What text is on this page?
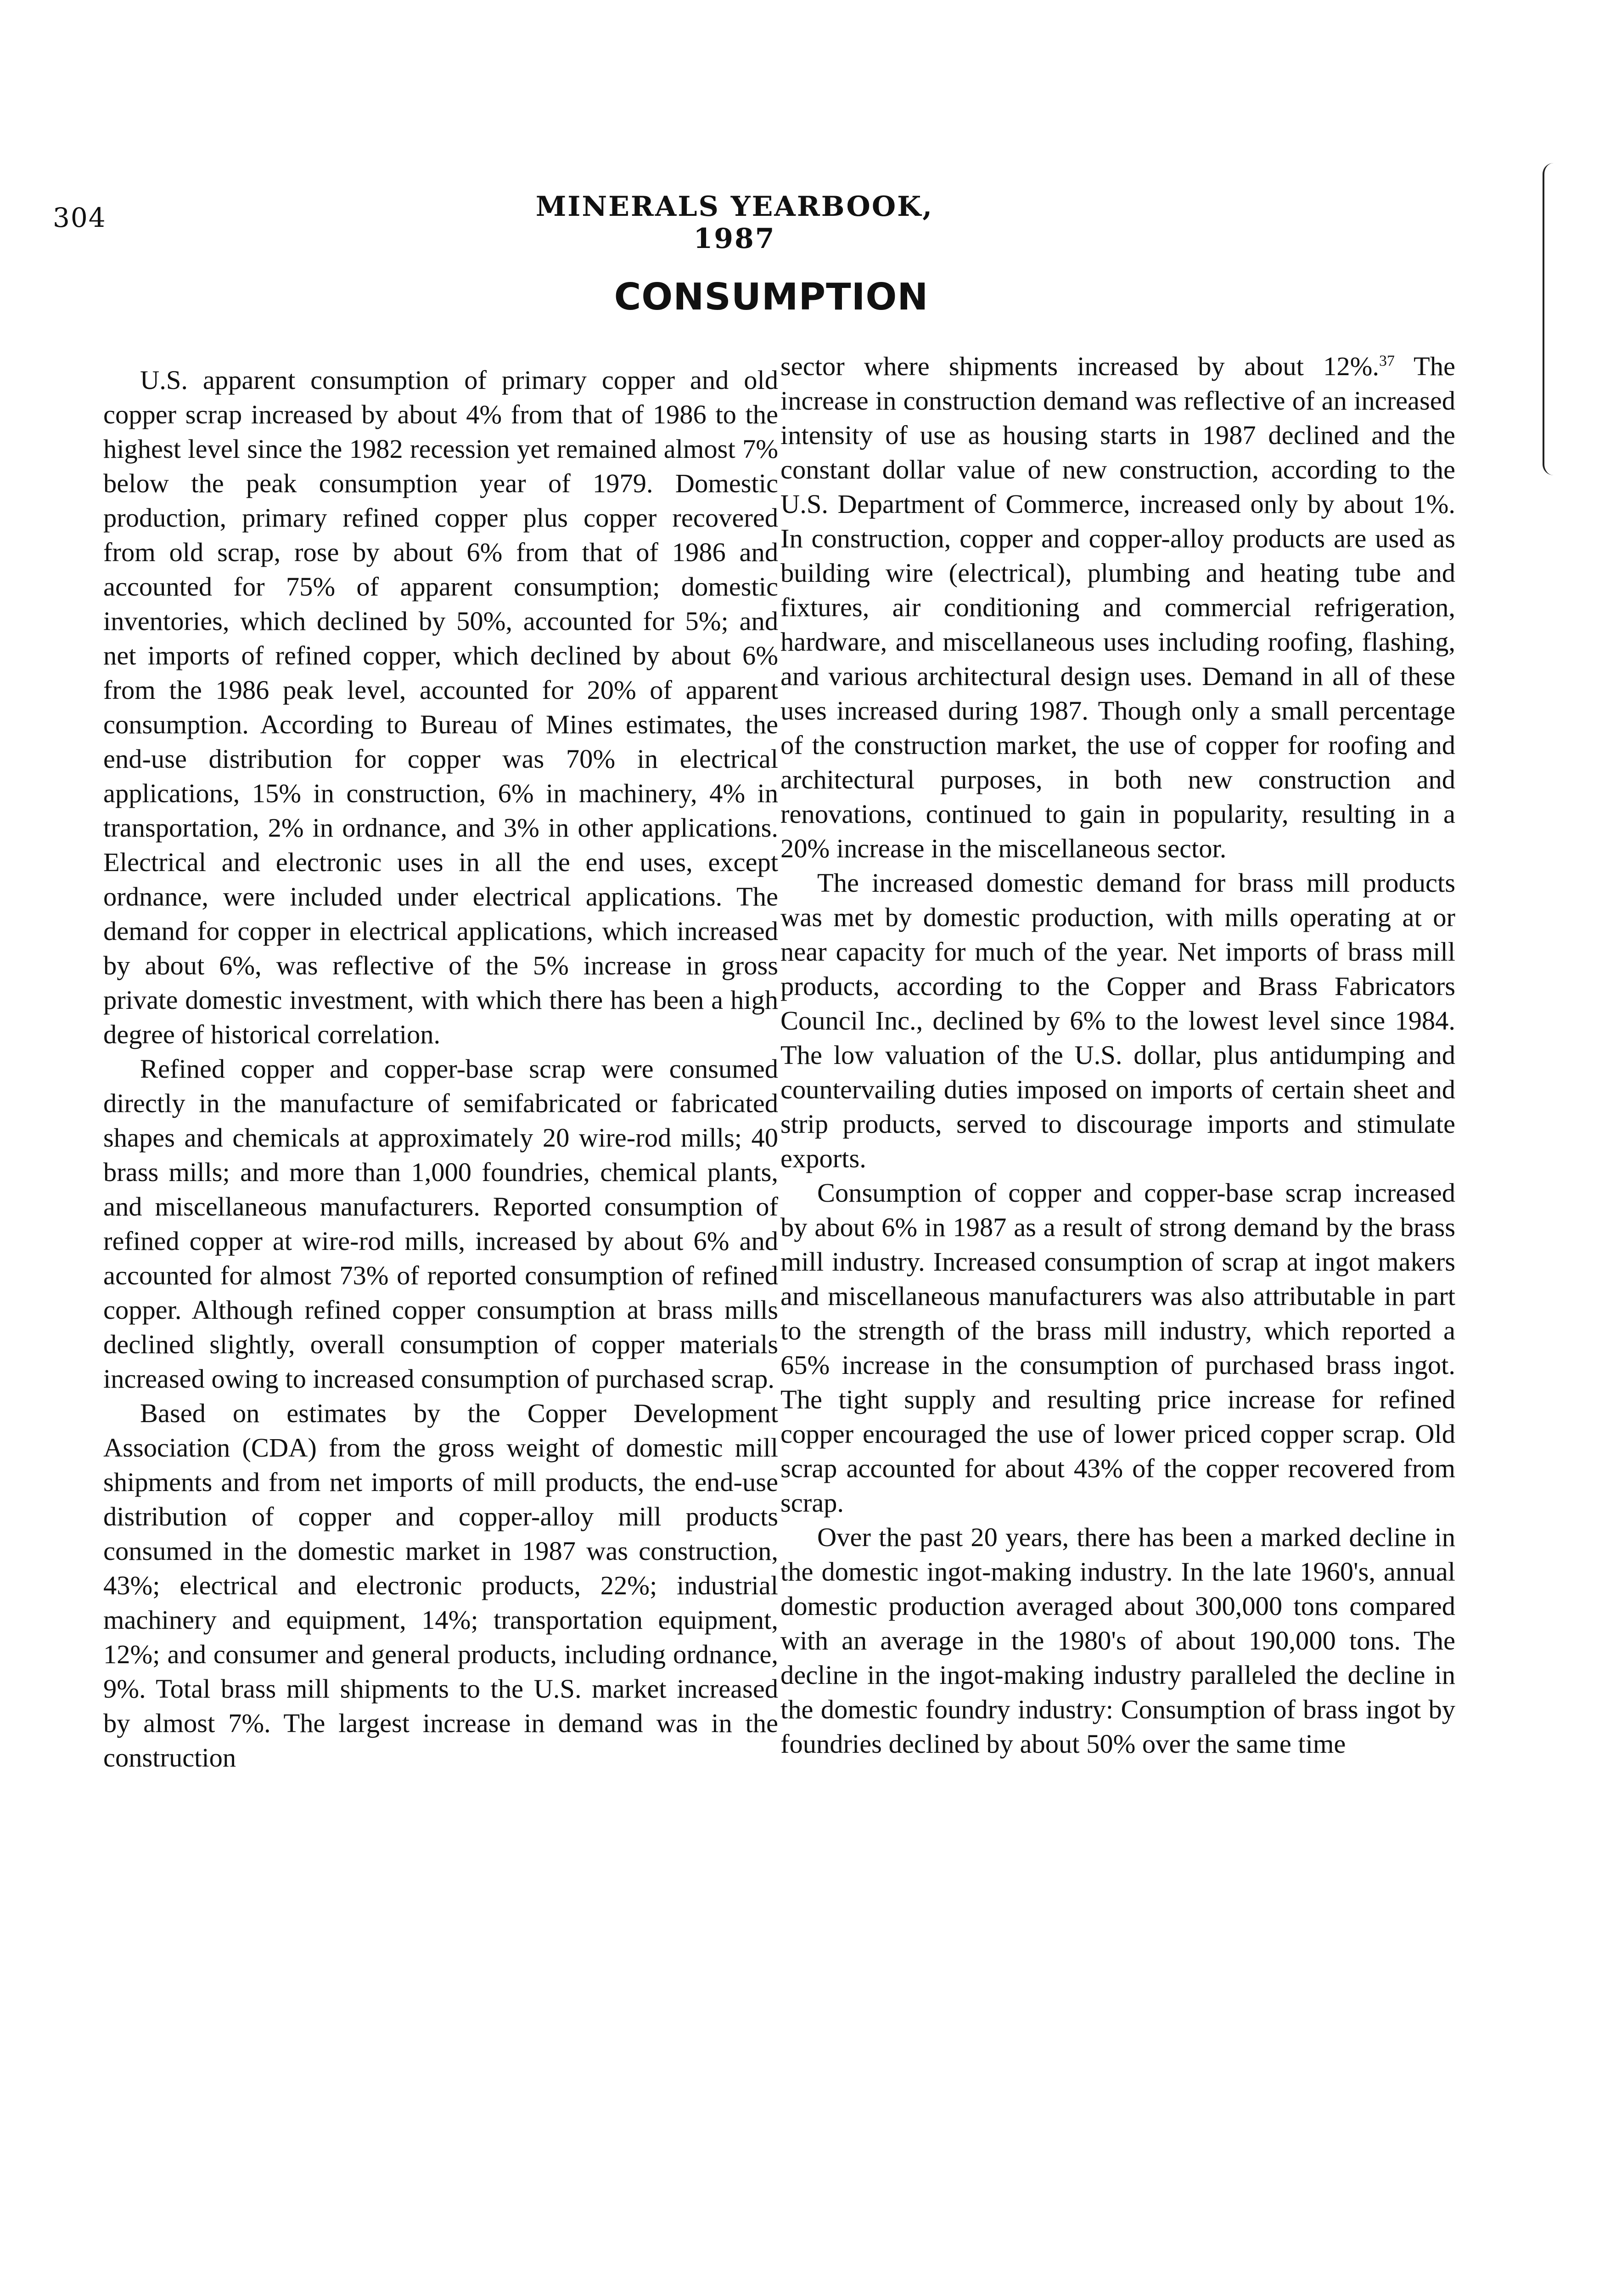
304	MINERALS YEARBOOK, 1987
CONSUMPTION

U.S. apparent consumption of primary copper and old copper scrap increased by about 4% from that of 1986 to the highest level since the 1982 recession yet remained almost 7% below the peak consumption year of 1979. Domestic production, primary refined copper plus copper recovered from old scrap, rose by about 6% from that of 1986 and accounted for 75% of apparent consumption; domestic inventories, which declined by 50%, accounted for 5%; and net imports of refined copper, which declined by about 6% from the 1986 peak level, accounted for 20% of apparent consumption. According to Bureau of Mines estimates, the end-use distribution for copper was 70% in electrical applications, 15% in construction, 6% in machinery, 4% in transportation, 2% in ordnance, and 3% in other applications. Electrical and electronic uses in all the end uses, except ordnance, were included under electrical applications. The demand for copper in electrical applications, which increased by about 6%, was reflective of the 5% increase in gross private domestic investment, with which there has been a high degree of historical correlation.

Refined copper and copper-base scrap were consumed directly in the manufacture of semifabricated or fabricated shapes and chemicals at approximately 20 wire-rod mills; 40 brass mills; and more than 1,000 foundries, chemical plants, and miscellaneous manufacturers. Reported consumption of refined copper at wire-rod mills, increased by about 6% and accounted for almost 73% of reported consumption of refined copper. Although refined copper consumption at brass mills declined slightly, overall consumption of copper materials increased owing to increased consumption of purchased scrap.

Based on estimates by the Copper Development Association (CDA) from the gross weight of domestic mill shipments and from net imports of mill products, the end-use distribution of copper and copper-alloy mill products consumed in the domestic market in 1987 was construction, 43%; electrical and electronic products, 22%; industrial machinery and equipment, 14%; transportation equipment, 12%; and consumer and general products, including ordnance, 9%. Total brass mill shipments to the U.S. market increased by almost 7%. The largest increase in demand was in the construction

sector where shipments increased by about 12%.$^{37}$ The increase in construction demand was reflective of an increased intensity of use as housing starts in 1987 declined and the constant dollar value of new construction, according to the U.S. Department of Commerce, increased only by about 1%. In construction, copper and copper-alloy products are used as building wire (electrical), plumbing and heating tube and fixtures, air conditioning and commercial refrigeration, hardware, and miscellaneous uses including roofing, flashing, and various architectural design uses. Demand in all of these uses increased during 1987. Though only a small percentage of the construction market, the use of copper for roofing and architectural purposes, in both new construction and renovations, continued to gain in popularity, resulting in a 20% increase in the miscellaneous sector.

The increased domestic demand for brass mill products was met by domestic production, with mills operating at or near capacity for much of the year. Net imports of brass mill products, according to the Copper and Brass Fabricators Council Inc., declined by 6% to the lowest level since 1984. The low valuation of the U.S. dollar, plus antidumping and countervailing duties imposed on imports of certain sheet and strip products, served to discourage imports and stimulate exports.

Consumption of copper and copper-base scrap increased by about 6% in 1987 as a result of strong demand by the brass mill industry. Increased consumption of scrap at ingot makers and miscellaneous manufacturers was also attributable in part to the strength of the brass mill industry, which reported a 65% increase in the consumption of purchased brass ingot. The tight supply and resulting price increase for refined copper encouraged the use of lower priced copper scrap. Old scrap accounted for about 43% of the copper recovered from scrap.

Over the past 20 years, there has been a marked decline in the domestic ingot-making industry. In the late 1960's, annual domestic production averaged about 300,000 tons compared with an average in the 1980's of about 190,000 tons. The decline in the ingot-making industry paralleled the decline in the domestic foundry industry: Consumption of brass ingot by foundries declined by about 50% over the same time
